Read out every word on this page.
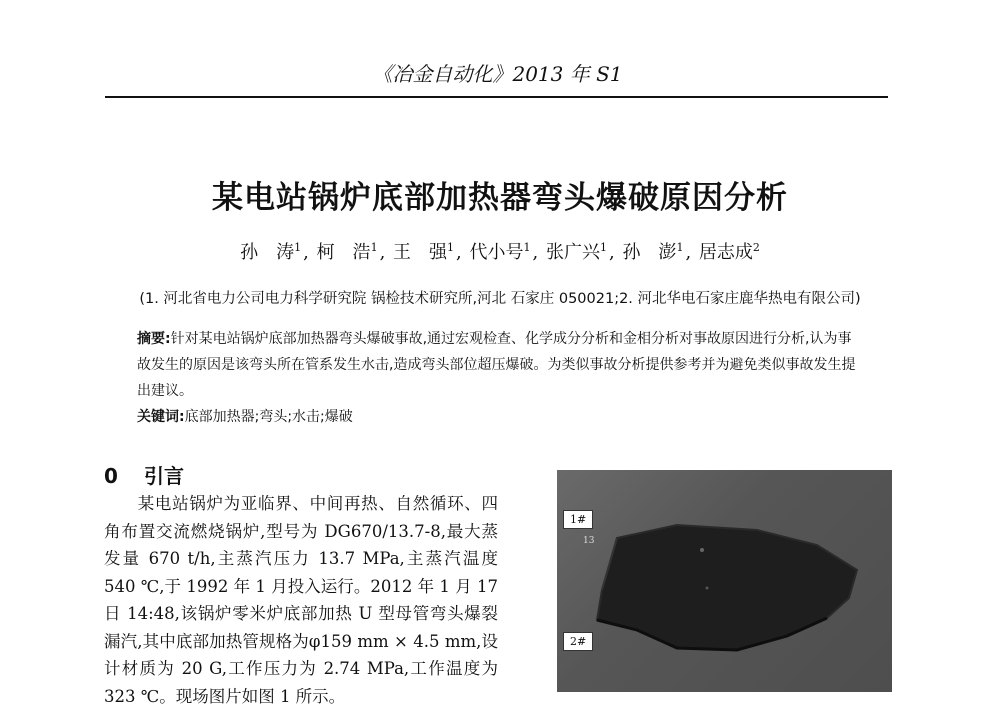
《冶金自动化》2013 年 S1
某电站锅炉底部加热器弯头爆破原因分析
孙　涛$^1$ , 柯　浩$^1$ , 王　强$^1$ , 代小号$^1$ , 张广兴$^1$ , 孙　澎$^1$ , 居志成$^2$
(1. 河北省电力公司电力科学研究院 锅检技术研究所,河北 石家庄 050021;2. 河北华电石家庄鹿华热电有限公司)
摘要:针对某电站锅炉底部加热器弯头爆破事故,通过宏观检查、化学成分分析和金相分析对事故原因进行分析,认为事故发生的原因是该弯头所在管系发生水击,造成弯头部位超压爆破。为类似事故分析提供参考并为避免类似事故发生提出建议。
关键词:底部加热器;弯头;水击;爆破
0 引言
某电站锅炉为亚临界、中间再热、自然循环、四角布置交流燃烧锅炉,型号为 DG670/13.7-8,最大蒸发量 670 t/h,主蒸汽压力 13.7 MPa,主蒸汽温度 540 ℃,于 1992 年 1 月投入运行。2012 年 1 月 17 日 14:48,该锅炉零米炉底部加热 U 型母管弯头爆裂漏汽,其中底部加热管规格为φ159 mm × 4.5 mm,设计材质为 20 G,工作压力为 2.74 MPa,工作温度为 323 ℃。现场图片如图 1 所示。
1#
2#
13
